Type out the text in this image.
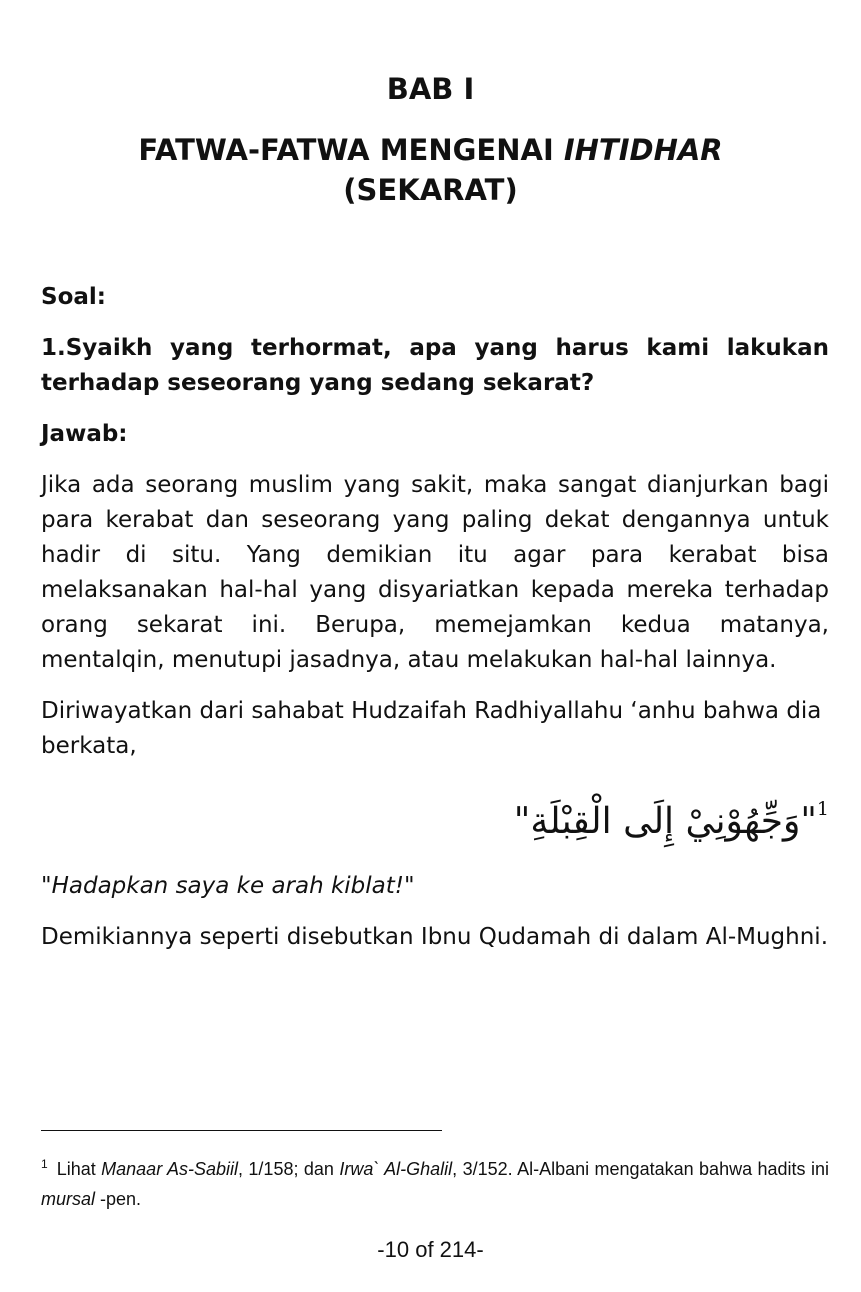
BAB I
FATWA-FATWA MENGENAI IHTIDHAR
(SEKARAT)
Soal:
1.Syaikh yang terhormat, apa yang harus kami lakukan terhadap seseorang yang sedang sekarat?
Jawab:

Jika ada seorang muslim yang sakit, maka sangat dianjurkan bagi para kerabat dan seseorang yang paling dekat dengannya untuk hadir di situ. Yang demikian itu agar para kerabat bisa melaksanakan hal-hal yang disyariatkan kepada mereka terhadap orang sekarat ini. Berupa, memejamkan kedua matanya, mentalqin, menutupi jasadnya, atau melakukan hal-hal lainnya.

Diriwayatkan dari sahabat Hudzaifah Radhiyallahu ‘anhu bahwa dia berkata,

$^1$"وَجِّهُوْنِيْ إِلَى الْقِبْلَةِ"
"Hadapkan saya ke arah kiblat!"

Demikiannya seperti disebutkan Ibnu Qudamah di dalam Al-Mughni.

$^1$ Lihat Manaar As-Sabiil, 1/158; dan Irwa` Al-Ghalil, 3/152. Al-Albani mengatakan bahwa hadits ini mursal -pen.
-10 of 214-
